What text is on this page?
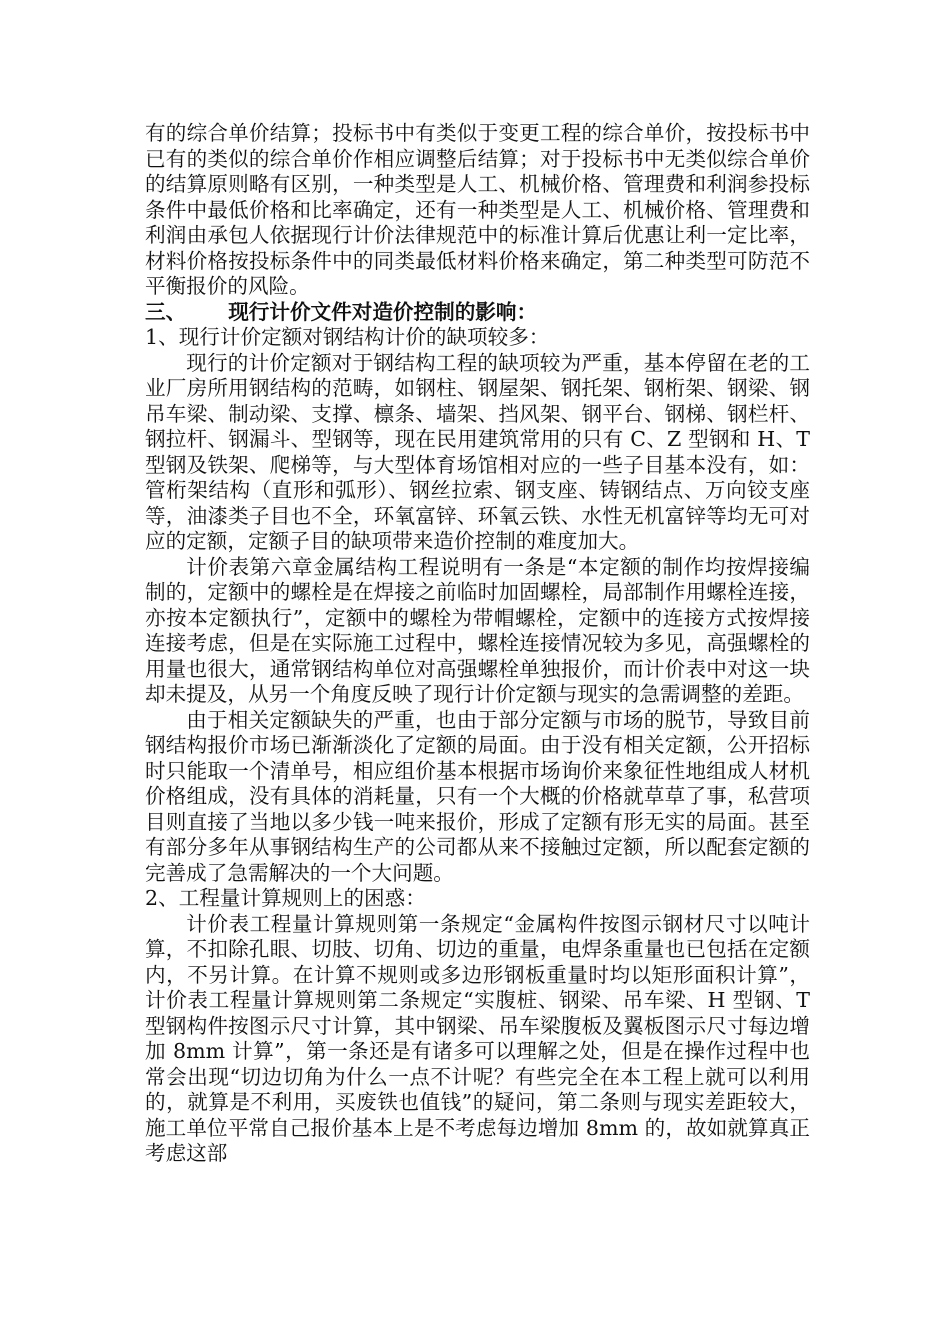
有的综合单价结算；投标书中有类似于变更工程的综合单价，按投标书中已有的类似的综合单价作相应调整后结算；对于投标书中无类似综合单价的结算原则略有区别，一种类型是人工、机械价格、管理费和利润参投标条件中最低价格和比率确定，还有一种类型是人工、机械价格、管理费和利润由承包人依据现行计价法律规范中的标准计算后优惠让利一定比率，材料价格按投标条件中的同类最低材料价格来确定，第二种类型可防范不平衡报价的风险。

三、 现行计价文件对造价控制的影响：

1、现行计价定额对钢结构计价的缺项较多：

现行的计价定额对于钢结构工程的缺项较为严重，基本停留在老的工业厂房所用钢结构的范畴，如钢柱、钢屋架、钢托架、钢桁架、钢梁、钢吊车梁、制动梁、支撑、檩条、墙架、挡风架、钢平台、钢梯、钢栏杆、钢拉杆、钢漏斗、型钢等，现在民用建筑常用的只有 C、Z 型钢和 H、T 型钢及铁架、爬梯等，与大型体育场馆相对应的一些子目基本没有，如：管桁架结构（直形和弧形）、钢丝拉索、钢支座、铸钢结点、万向铰支座等，油漆类子目也不全，环氧富锌、环氧云铁、水性无机富锌等均无可对应的定额，定额子目的缺项带来造价控制的难度加大。

计价表第六章金属结构工程说明有一条是“本定额的制作均按焊接编制的，定额中的螺栓是在焊接之前临时加固螺栓，局部制作用螺栓连接，亦按本定额执行”，定额中的螺栓为带帽螺栓，定额中的连接方式按焊接连接考虑，但是在实际施工过程中，螺栓连接情况较为多见，高强螺栓的用量也很大，通常钢结构单位对高强螺栓单独报价，而计价表中对这一块却未提及，从另一个角度反映了现行计价定额与现实的急需调整的差距。

由于相关定额缺失的严重，也由于部分定额与市场的脱节，导致目前钢结构报价市场已渐渐淡化了定额的局面。由于没有相关定额，公开招标时只能取一个清单号，相应组价基本根据市场询价来象征性地组成人材机价格组成，没有具体的消耗量，只有一个大概的价格就草草了事，私营项目则直接了当地以多少钱一吨来报价，形成了定额有形无实的局面。甚至有部分多年从事钢结构生产的公司都从来不接触过定额，所以配套定额的完善成了急需解决的一个大问题。

2、工程量计算规则上的困惑：

计价表工程量计算规则第一条规定“金属构件按图示钢材尺寸以吨计算，不扣除孔眼、切肢、切角、切边的重量，电焊条重量也已包括在定额内，不另计算。在计算不规则或多边形钢板重量时均以矩形面积计算”，计价表工程量计算规则第二条规定“实腹桩、钢梁、吊车梁、H 型钢、T 型钢构件按图示尺寸计算，其中钢梁、吊车梁腹板及翼板图示尺寸每边增加 8mm 计算”，第一条还是有诸多可以理解之处，但是在操作过程中也常会出现“切边切角为什么一点不计呢？有些完全在本工程上就可以利用的，就算是不利用，买废铁也值钱”的疑问，第二条则与现实差距较大，施工单位平常自己报价基本上是不考虑每边增加 8mm 的，故如就算真正考虑这部
